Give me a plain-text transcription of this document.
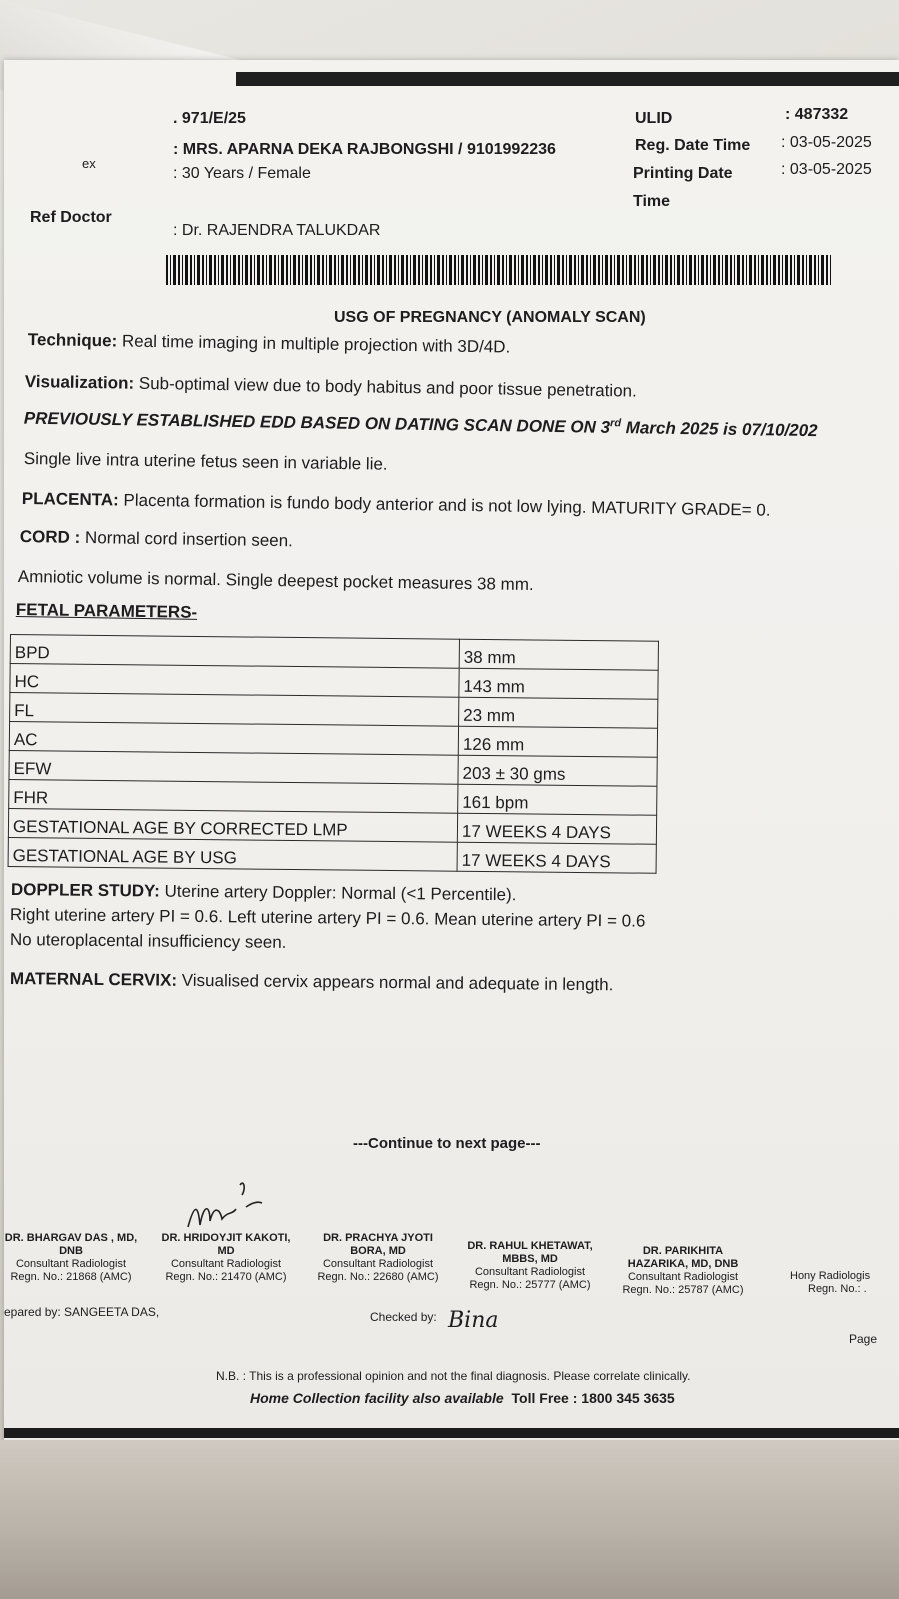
. 971/E/25
: MRS. APARNA DEKA RAJBONGSHI / 9101992236
ex
: 30 Years / Female
Ref Doctor
: Dr. RAJENDRA TALUKDAR
ULID	: 487332
Reg. Date Time : 03-05-2025
Printing Date	: 03-05-2025
Time
USG OF PREGNANCY (ANOMALY SCAN)
Technique: Real time imaging in multiple projection with 3D/4D.
Visualization: Sub-optimal view due to body habitus and poor tissue penetration.
PREVIOUSLY ESTABLISHED EDD BASED ON DATING SCAN DONE ON 3rd March 2025 is 07/10/202
Single live intra uterine fetus seen in variable lie.
PLACENTA: Placenta formation is fundo body anterior and is not low lying. MATURITY GRADE= 0.
CORD : Normal cord insertion seen.
Amniotic volume is normal. Single deepest pocket measures 38 mm.
FETAL PARAMETERS-
BPD	38 mm
HC	143 mm
FL	23 mm
AC	126 mm
EFW	203 ± 30 gms
FHR	161 bpm
GESTATIONAL AGE BY CORRECTED LMP	17 WEEKS 4 DAYS
GESTATIONAL AGE BY USG	17 WEEKS 4 DAYS
DOPPLER STUDY: Uterine artery Doppler: Normal (<1 Percentile).
Right uterine artery PI = 0.6. Left uterine artery PI = 0.6. Mean uterine artery PI = 0.6
No uteroplacental insufficiency seen.
MATERNAL CERVIX: Visualised cervix appears normal and adequate in length.
---Continue to next page---
DR. BHARGAV DAS , MD,
DNB
Consultant Radiologist
Regn. No.: 21868 (AMC)
DR. HRIDOYJIT KAKOTI,
MD
Consultant Radiologist
Regn. No.: 21470 (AMC)
DR. PRACHYA JYOTI
BORA, MD
Consultant Radiologist
Regn. No.: 22680 (AMC)
DR. RAHUL KHETAWAT,
MBBS, MD
Consultant Radiologist
Regn. No.: 25777 (AMC)
DR. PARIKHITA
HAZARIKA, MD, DNB
Consultant Radiologist
Regn. No.: 25787 (AMC)
Hony Radiologis
Regn. No.: .
epared by: SANGEETA DAS,	Checked by: Bina
Page
N.B. : This is a professional opinion and not the final diagnosis. Please correlate clinically.
Home Collection facility also available Toll Free : 1800 345 3635
